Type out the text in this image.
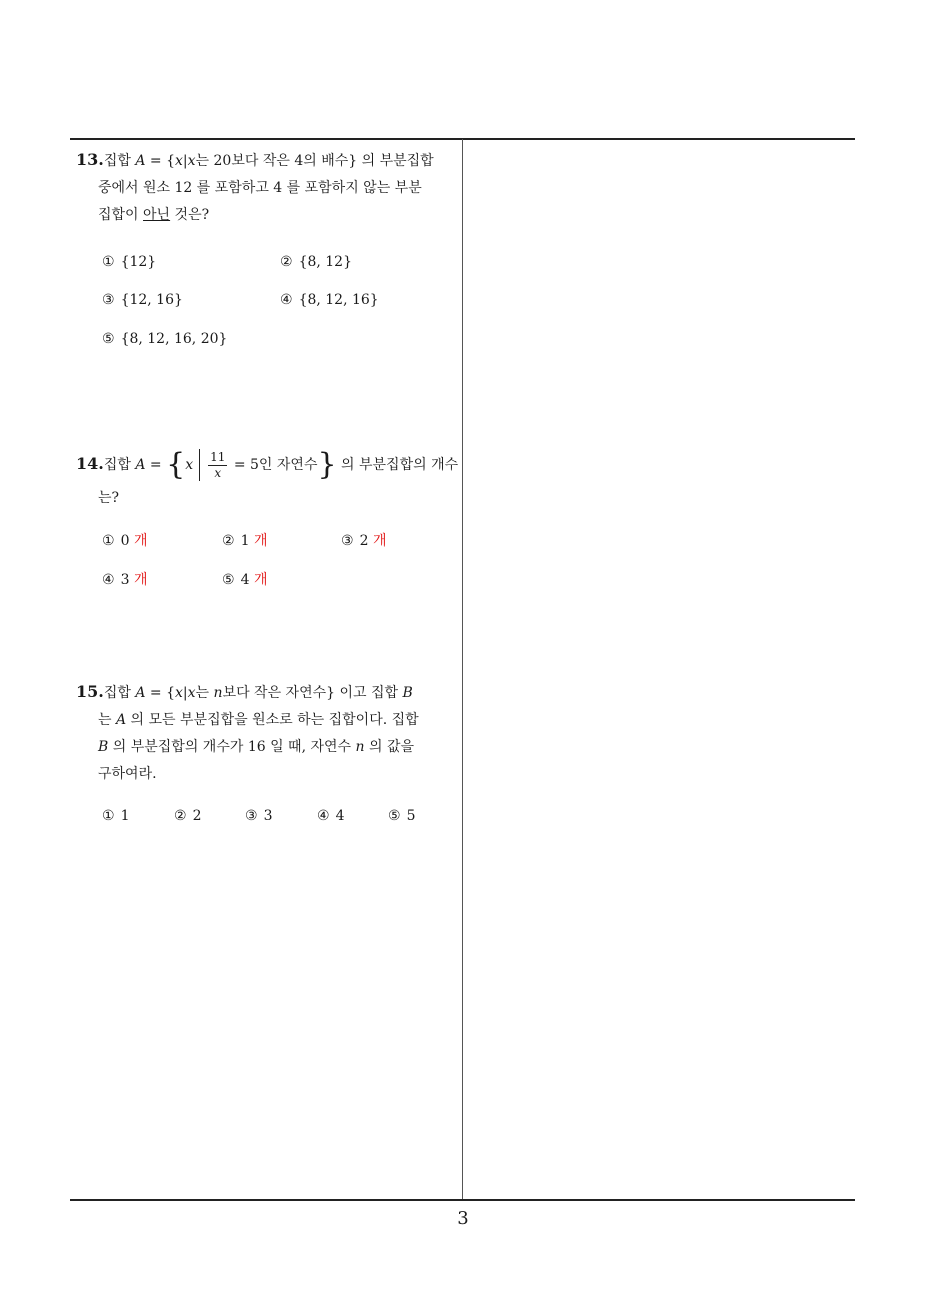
13.집합 A = {x|x는 20보다 작은 4의 배수} 의 부분집합
중에서 원소 12 를 포함하고 4 를 포함하지 않는 부분
집합이 아닌 것은?
① {12}	② {8, 12}
③ {12, 16}	④ {8, 12, 16}
⑤ {8, 12, 16, 20}
14.집합 $A = \{x \frac{11}{x} = 5$인 자연수} 의 부분집합의 개수
는?
① 0 개	② 1 개	③ 2 개
④ 3 개	⑤ 4 개
15.집합 A = {x|x는 n보다 작은 자연수} 이고 집합 B
는 A 의 모든 부분집합을 원소로 하는 집합이다. 집합
B 의 부분집합의 개수가 16 일 때, 자연수 n 의 값을
구하여라.
① 1	② 2	③ 3	④ 4	⑤ 5
3
